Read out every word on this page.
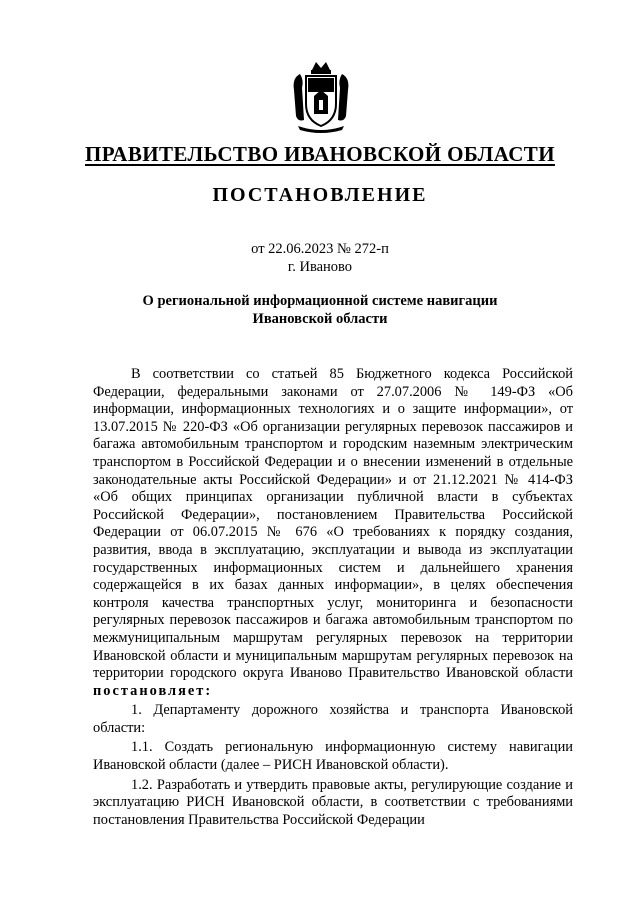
ПРАВИТЕЛЬСТВО ИВАНОВСКОЙ ОБЛАСТИ
ПОСТАНОВЛЕНИЕ
от 22.06.2023 № 272-п
г. Иваново
О региональной информационной системе навигации
Ивановской области

В соответствии со статьей 85 Бюджетного кодекса Российской Федерации, федеральными законами от 27.07.2006 № 149-ФЗ «Об информации, информационных технологиях и о защите информации», от 13.07.2015 № 220-ФЗ «Об организации регулярных перевозок пассажиров и багажа автомобильным транспортом и городским наземным электрическим транспортом в Российской Федерации и о внесении изменений в отдельные законодательные акты Российской Федерации» и от 21.12.2021 № 414-ФЗ «Об общих принципах организации публичной власти в субъектах Российской Федерации», постановлением Правительства Российской Федерации от 06.07.2015 № 676 «О требованиях к порядку создания, развития, ввода в эксплуатацию, эксплуатации и вывода из эксплуатации государственных информационных систем и дальнейшего хранения содержащейся в их базах данных информации», в целях обеспечения контроля качества транспортных услуг, мониторинга и безопасности регулярных перевозок пассажиров и багажа автомобильным транспортом по межмуниципальным маршрутам регулярных перевозок на территории Ивановской области и муниципальным маршрутам регулярных перевозок на территории городского округа Иваново Правительство Ивановской области постановляет:

1. Департаменту дорожного хозяйства и транспорта Ивановской области:

1.1. Создать региональную информационную систему навигации Ивановской области (далее – РИСН Ивановской области).

1.2. Разработать и утвердить правовые акты, регулирующие создание и эксплуатацию РИСН Ивановской области, в соответствии с требованиями постановления Правительства Российской Федерации
